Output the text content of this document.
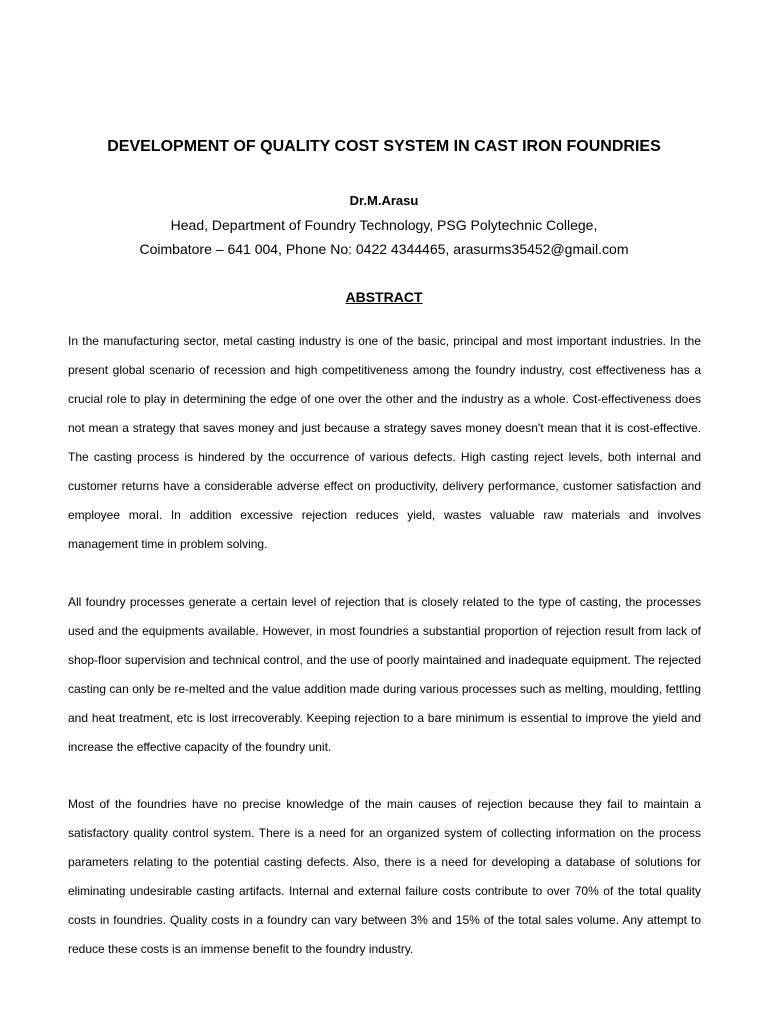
DEVELOPMENT OF QUALITY COST SYSTEM IN CAST IRON FOUNDRIES
Dr.M.Arasu
Head, Department of Foundry Technology, PSG Polytechnic College,
Coimbatore – 641 004, Phone No: 0422 4344465, arasurms35452@gmail.com
ABSTRACT

In the manufacturing sector, metal casting industry is one of the basic, principal and most important industries. In the present global scenario of recession and high competitiveness among the foundry industry, cost effectiveness has a crucial role to play in determining the edge of one over the other and the industry as a whole. Cost-effectiveness does not mean a strategy that saves money and just because a strategy saves money doesn't mean that it is cost-effective. The casting process is hindered by the occurrence of various defects. High casting reject levels, both internal and customer returns have a considerable adverse effect on productivity, delivery performance, customer satisfaction and employee moral. In addition excessive rejection reduces yield, wastes valuable raw materials and involves management time in problem solving.

All foundry processes generate a certain level of rejection that is closely related to the type of casting, the processes used and the equipments available. However, in most foundries a substantial proportion of rejection result from lack of shop-floor supervision and technical control, and the use of poorly maintained and inadequate equipment. The rejected casting can only be re-melted and the value addition made during various processes such as melting, moulding, fettling and heat treatment, etc is lost irrecoverably. Keeping rejection to a bare minimum is essential to improve the yield and increase the effective capacity of the foundry unit.

Most of the foundries have no precise knowledge of the main causes of rejection because they fail to maintain a satisfactory quality control system. There is a need for an organized system of collecting information on the process parameters relating to the potential casting defects. Also, there is a need for developing a database of solutions for eliminating undesirable casting artifacts. Internal and external failure costs contribute to over 70% of the total quality costs in foundries. Quality costs in a foundry can vary between 3% and 15% of the total sales volume. Any attempt to reduce these costs is an immense benefit to the foundry industry.
